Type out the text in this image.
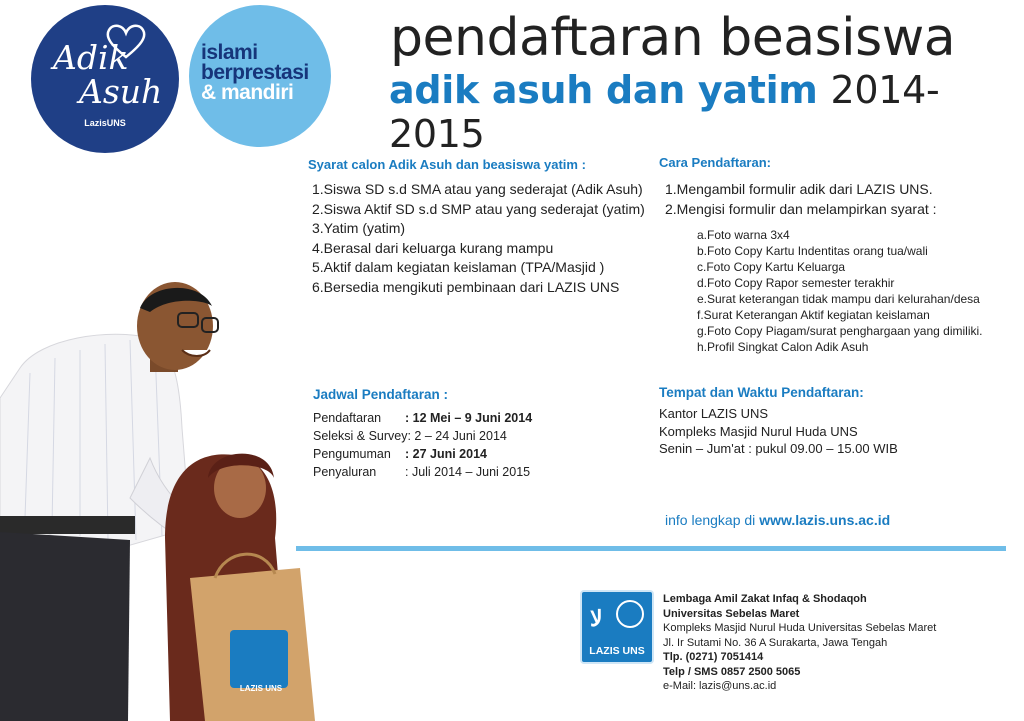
Adik
Asuh
LazisUNS
islami
berprestasi
& mandiri
pendaftaran beasiswa
adik asuh dan yatim 2014-2015
Syarat calon Adik Asuh dan beasiswa yatim :
1.Siswa SD s.d SMA atau yang sederajat (Adik Asuh)
2.Siswa Aktif SD s.d SMP atau yang sederajat (yatim)
3.Yatim (yatim)
4.Berasal dari keluarga kurang mampu
5.Aktif dalam kegiatan keislaman (TPA/Masjid )
6.Bersedia mengikuti pembinaan dari LAZIS UNS
Cara Pendaftaran:
1.Mengambil formulir adik dari LAZIS UNS.
2.Mengisi formulir dan melampirkan syarat :
a.Foto warna 3x4
b.Foto Copy Kartu Indentitas orang tua/wali
c.Foto Copy Kartu Keluarga
d.Foto Copy Rapor semester terakhir
e.Surat keterangan tidak mampu dari kelurahan/desa
f.Surat Keterangan Aktif kegiatan keislaman
g.Foto Copy Piagam/surat penghargaan yang dimiliki.
h.Profil Singkat Calon Adik Asuh
Jadwal Pendaftaran :
Pendaftaran	: 12 Mei – 9 Juni 2014
Seleksi & Survey : 2 – 24 Juni 2014
Pengumuman	: 27 Juni 2014
Penyaluran	: Juli 2014 – Juni 2015
Tempat dan Waktu Pendaftaran:
Kantor LAZIS UNS
Kompleks Masjid Nurul Huda UNS
Senin – Jum'at : pukul 09.00 – 15.00 WIB
info lengkap di www.lazis.uns.ac.id
LAZIS UNS
ﻻ
LAZIS UNS
Lembaga Amil Zakat Infaq & Shodaqoh
Universitas Sebelas Maret
Kompleks Masjid Nurul Huda Universitas Sebelas Maret
Jl. Ir Sutami No. 36 A Surakarta, Jawa Tengah
Tlp. (0271) 7051414
Telp / SMS 0857 2500 5065
e-Mail: lazis@uns.ac.id
